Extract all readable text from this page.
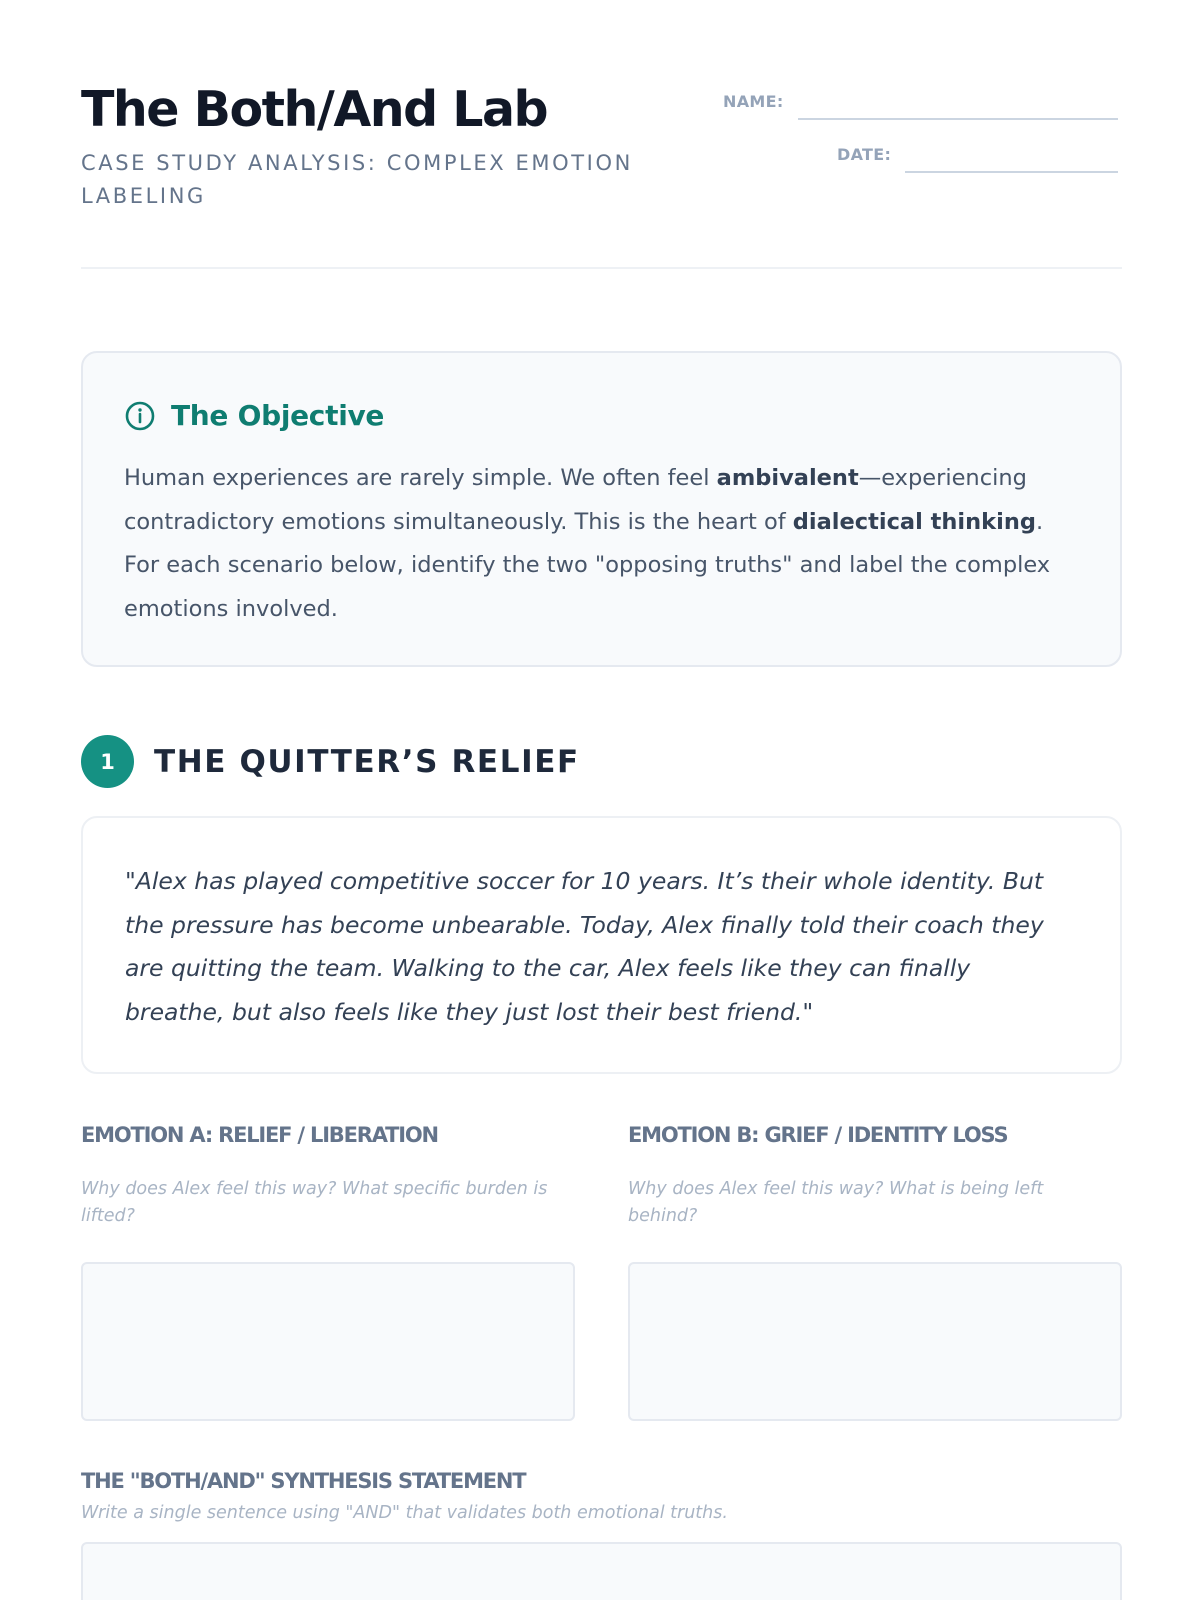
The Both/And Lab
CASE STUDY ANALYSIS: COMPLEX EMOTION LABELING
NAME:
DATE:
The Objective

Human experiences are rarely simple. We often feel ambivalent—experiencing contradictory emotions simultaneously. This is the heart of dialectical thinking. For each scenario below, identify the two "opposing truths" and label the complex emotions involved.

1	THE QUITTER’S RELIEF

"Alex has played competitive soccer for 10 years. It’s their whole identity. But the pressure has become unbearable. Today, Alex finally told their coach they are quitting the team. Walking to the car, Alex feels like they can finally breathe, but also feels like they just lost their best friend."

EMOTION A: RELIEF / LIBERATION
Why does Alex feel this way? What specific burden is lifted?
EMOTION B: GRIEF / IDENTITY LOSS
Why does Alex feel this way? What is being left behind?
THE "BOTH/AND" SYNTHESIS STATEMENT
Write a single sentence using "AND" that validates both emotional truths.
